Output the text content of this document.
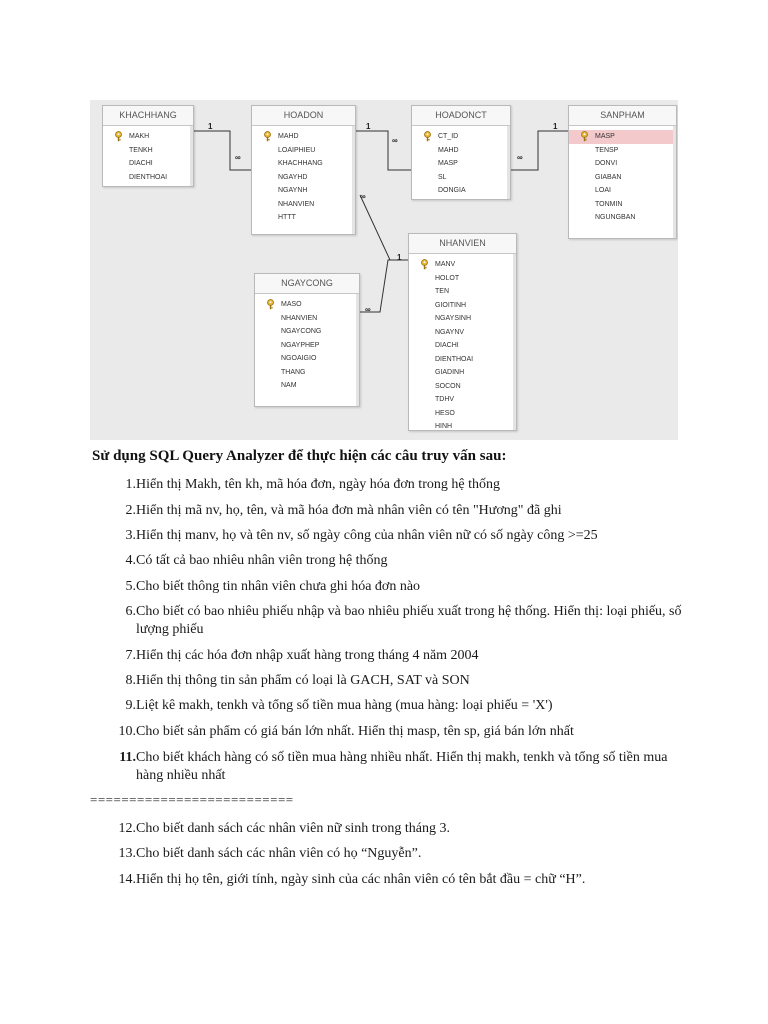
1
∞
1
∞
1
∞
∞
1
∞
KHACHHANG
MAKH
TENKH
DIACHI
DIENTHOAI
HOADON
MAHD
LOAIPHIEU
KHACHHANG
NGAYHD
NGAYNH
NHANVIEN
HTTT
HOADONCT
CT_ID
MAHD
MASP
SL
DONGIA
SANPHAM
MASP
TENSP
DONVI
GIABAN
LOAI
TONMIN
NGUNGBAN
NGAYCONG
MASO
NHANVIEN
NGAYCONG
NGAYPHEP
NGOAIGIO
THANG
NAM
NHANVIEN
MANV
HOLOT
TEN
GIOITINH
NGAYSINH
NGAYNV
DIACHI
DIENTHOAI
GIADINH
SOCON
TDHV
HESO
HINH
Sử dụng SQL Query Analyzer để thực hiện các câu truy vấn sau:
1. Hiển thị Makh, tên kh, mã hóa đơn, ngày hóa đơn trong hệ thống
2. Hiển thị mã nv, họ, tên, và mã hóa đơn mà nhân viên có tên "Hương" đã ghi
3. Hiển thị manv, họ và tên nv, số ngày công của nhân viên nữ có số ngày công >=25
4. Có tất cả bao nhiêu nhân viên trong hệ thống
5. Cho biết thông tin nhân viên chưa ghi hóa đơn nào
6. Cho biết có bao nhiêu phiếu nhập và bao nhiêu phiếu xuất trong hệ thống. Hiển thị: loại phiếu, số lượng phiếu
7. Hiển thị các hóa đơn nhập xuất hàng trong tháng 4 năm 2004
8. Hiển thị thông tin sản phẩm có loại là GACH, SAT và SON
9. Liệt kê makh, tenkh và tổng số tiền mua hàng (mua hàng: loại phiếu = 'X')
10. Cho biết sản phẩm có giá bán lớn nhất. Hiển thị masp, tên sp, giá bán lớn nhất
11. Cho biết khách hàng có số tiền mua hàng nhiều nhất. Hiển thị makh, tenkh và tổng số tiền mua hàng nhiều nhất
12. Cho biết danh sách các nhân viên nữ sinh trong tháng 3.
13. Cho biết danh sách các nhân viên có họ “Nguyễn”.
14. Hiển thị họ tên, giới tính, ngày sinh của các nhân viên có tên bắt đầu = chữ “H”.
==========================
